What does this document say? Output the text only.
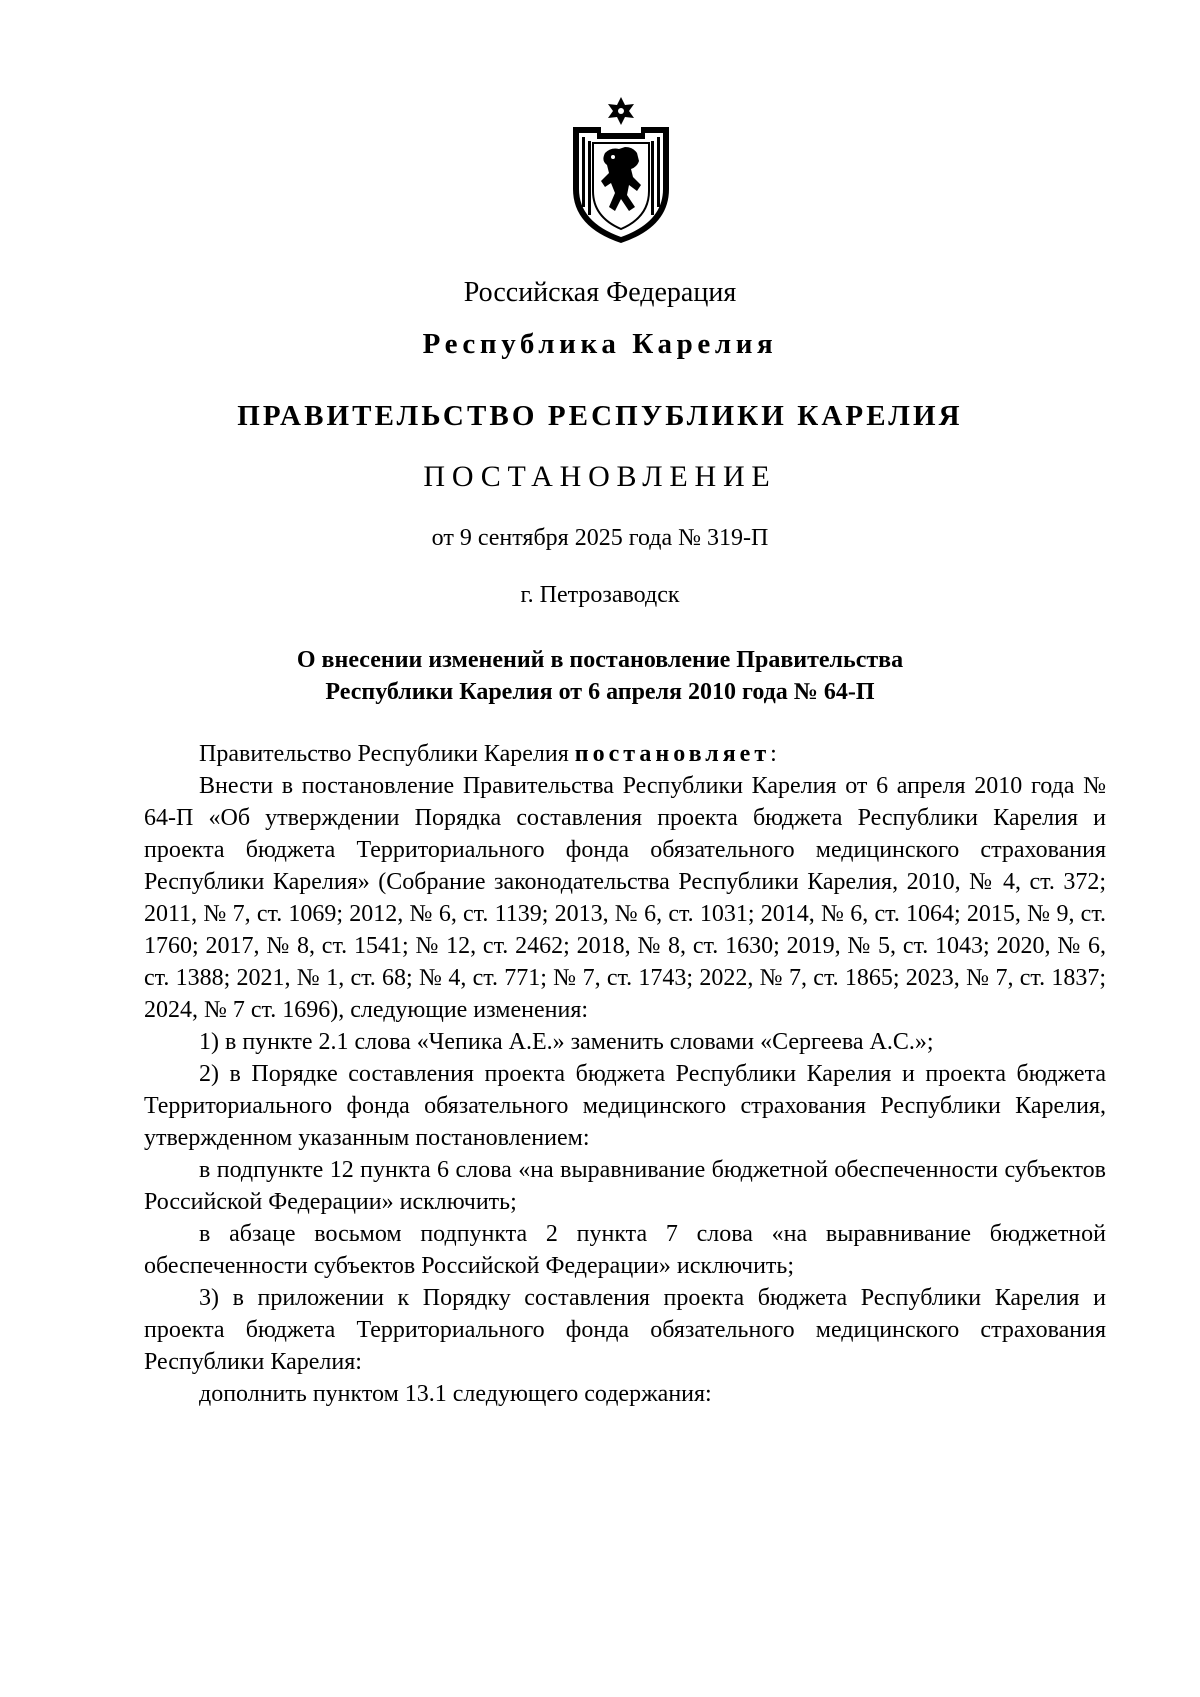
Российская Федерация
Республика Карелия
ПРАВИТЕЛЬСТВО РЕСПУБЛИКИ КАРЕЛИЯ
ПОСТАНОВЛЕНИЕ
от 9 сентября 2025 года № 319-П
г. Петрозаводск
О внесении изменений в постановление Правительства
Республики Карелия от 6 апреля 2010 года № 64-П

Правительство Республики Карелия постановляет:

Внести в постановление Правительства Республики Карелия от 6 апреля 2010 года № 64-П «Об утверждении Порядка составления проекта бюджета Республики Карелия и проекта бюджета Территориального фонда обязательного медицинского страхования Республики Карелия» (Собрание законодательства Республики Карелия, 2010, № 4, ст. 372; 2011, № 7, ст. 1069; 2012, № 6, ст. 1139; 2013, № 6, ст. 1031; 2014, № 6, ст. 1064; 2015, № 9, ст. 1760; 2017, № 8, ст. 1541; № 12, ст. 2462; 2018, № 8, ст. 1630; 2019, № 5, ст. 1043; 2020, № 6, ст. 1388; 2021, № 1, ст. 68; № 4, ст. 771; № 7, ст. 1743; 2022, № 7, ст. 1865; 2023, № 7, ст. 1837; 2024, № 7 ст. 1696), следующие изменения:

1) в пункте 2.1 слова «Чепика А.Е.» заменить словами «Сергеева А.С.»;

2) в Порядке составления проекта бюджета Республики Карелия и проекта бюджета Территориального фонда обязательного медицинского страхования Республики Карелия, утвержденном указанным постановлением:

в подпункте 12 пункта 6 слова «на выравнивание бюджетной обеспеченности субъектов Российской Федерации» исключить;

в абзаце восьмом подпункта 2 пункта 7 слова «на выравнивание бюджетной обеспеченности субъектов Российской Федерации» исключить;

3) в приложении к Порядку составления проекта бюджета Республики Карелия и проекта бюджета Территориального фонда обязательного медицинского страхования Республики Карелия:

дополнить пунктом 13.1 следующего содержания:
